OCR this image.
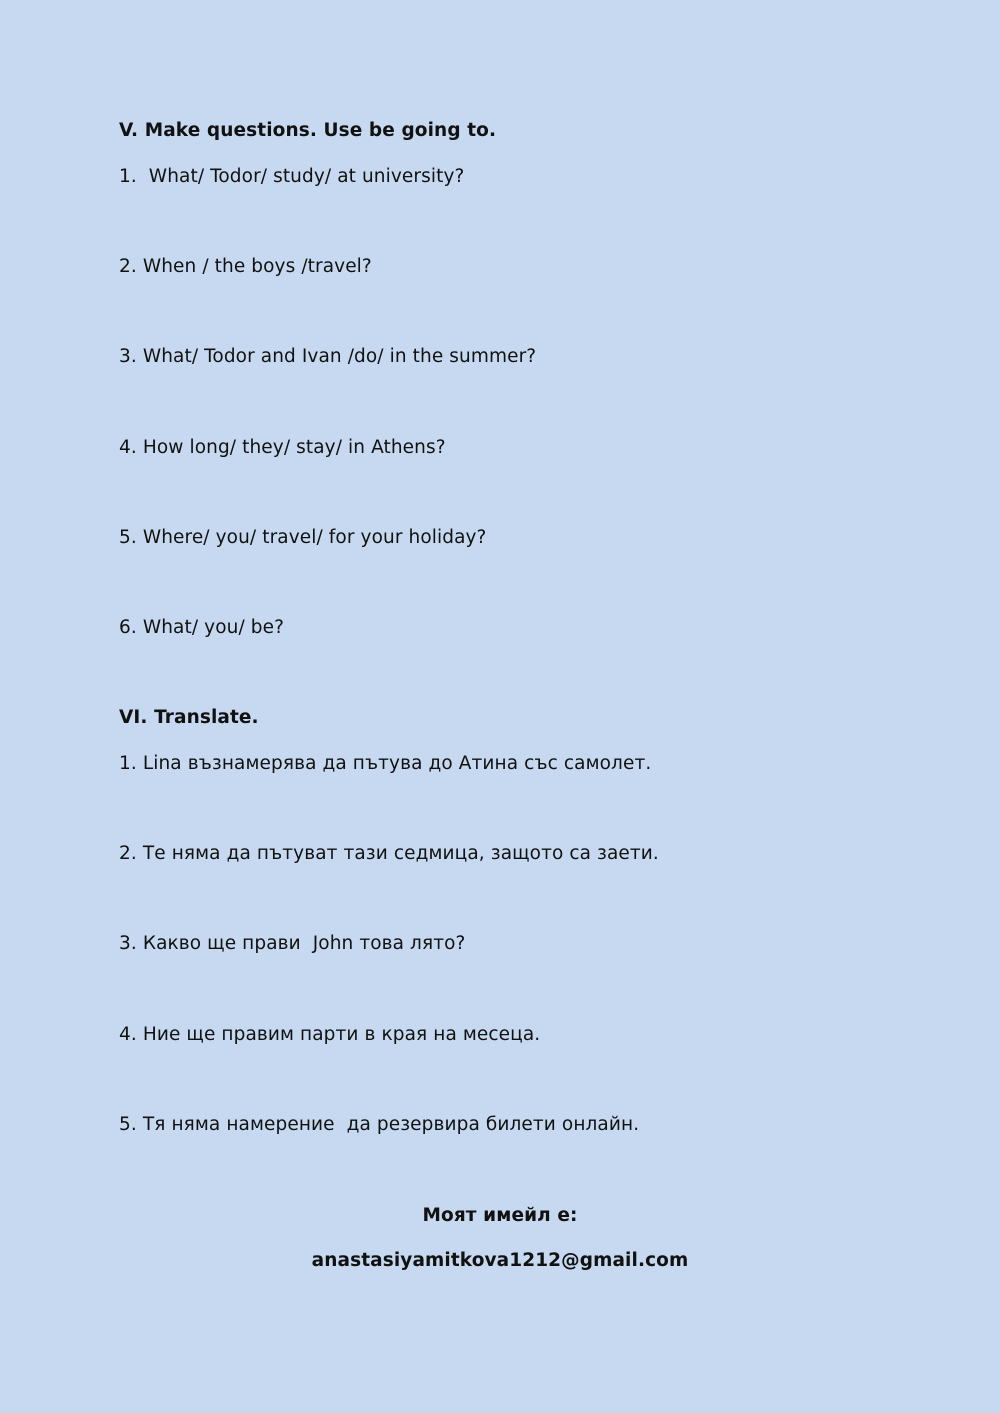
V. Make questions. Use be going to.
1.  What/ Todor/ study/ at university?
2. When / the boys /travel?
3. What/ Todor and Ivan /do/ in the summer?
4. How long/ they/ stay/ in Athens?
5. Where/ you/ travel/ for your holiday?
6. What/ you/ be?
VI. Translate.
1. Lina възнамерява да пътува до Атина със самолет.
2. Те няма да пътуват тази седмица, защото са заети.
3. Какво ще прави  John това лято?
4. Ние ще правим парти в края на месеца.
5. Тя няма намерение  да резервира билети онлайн.
Моят имейл е:
anastasiyamitkova1212@gmail.com
